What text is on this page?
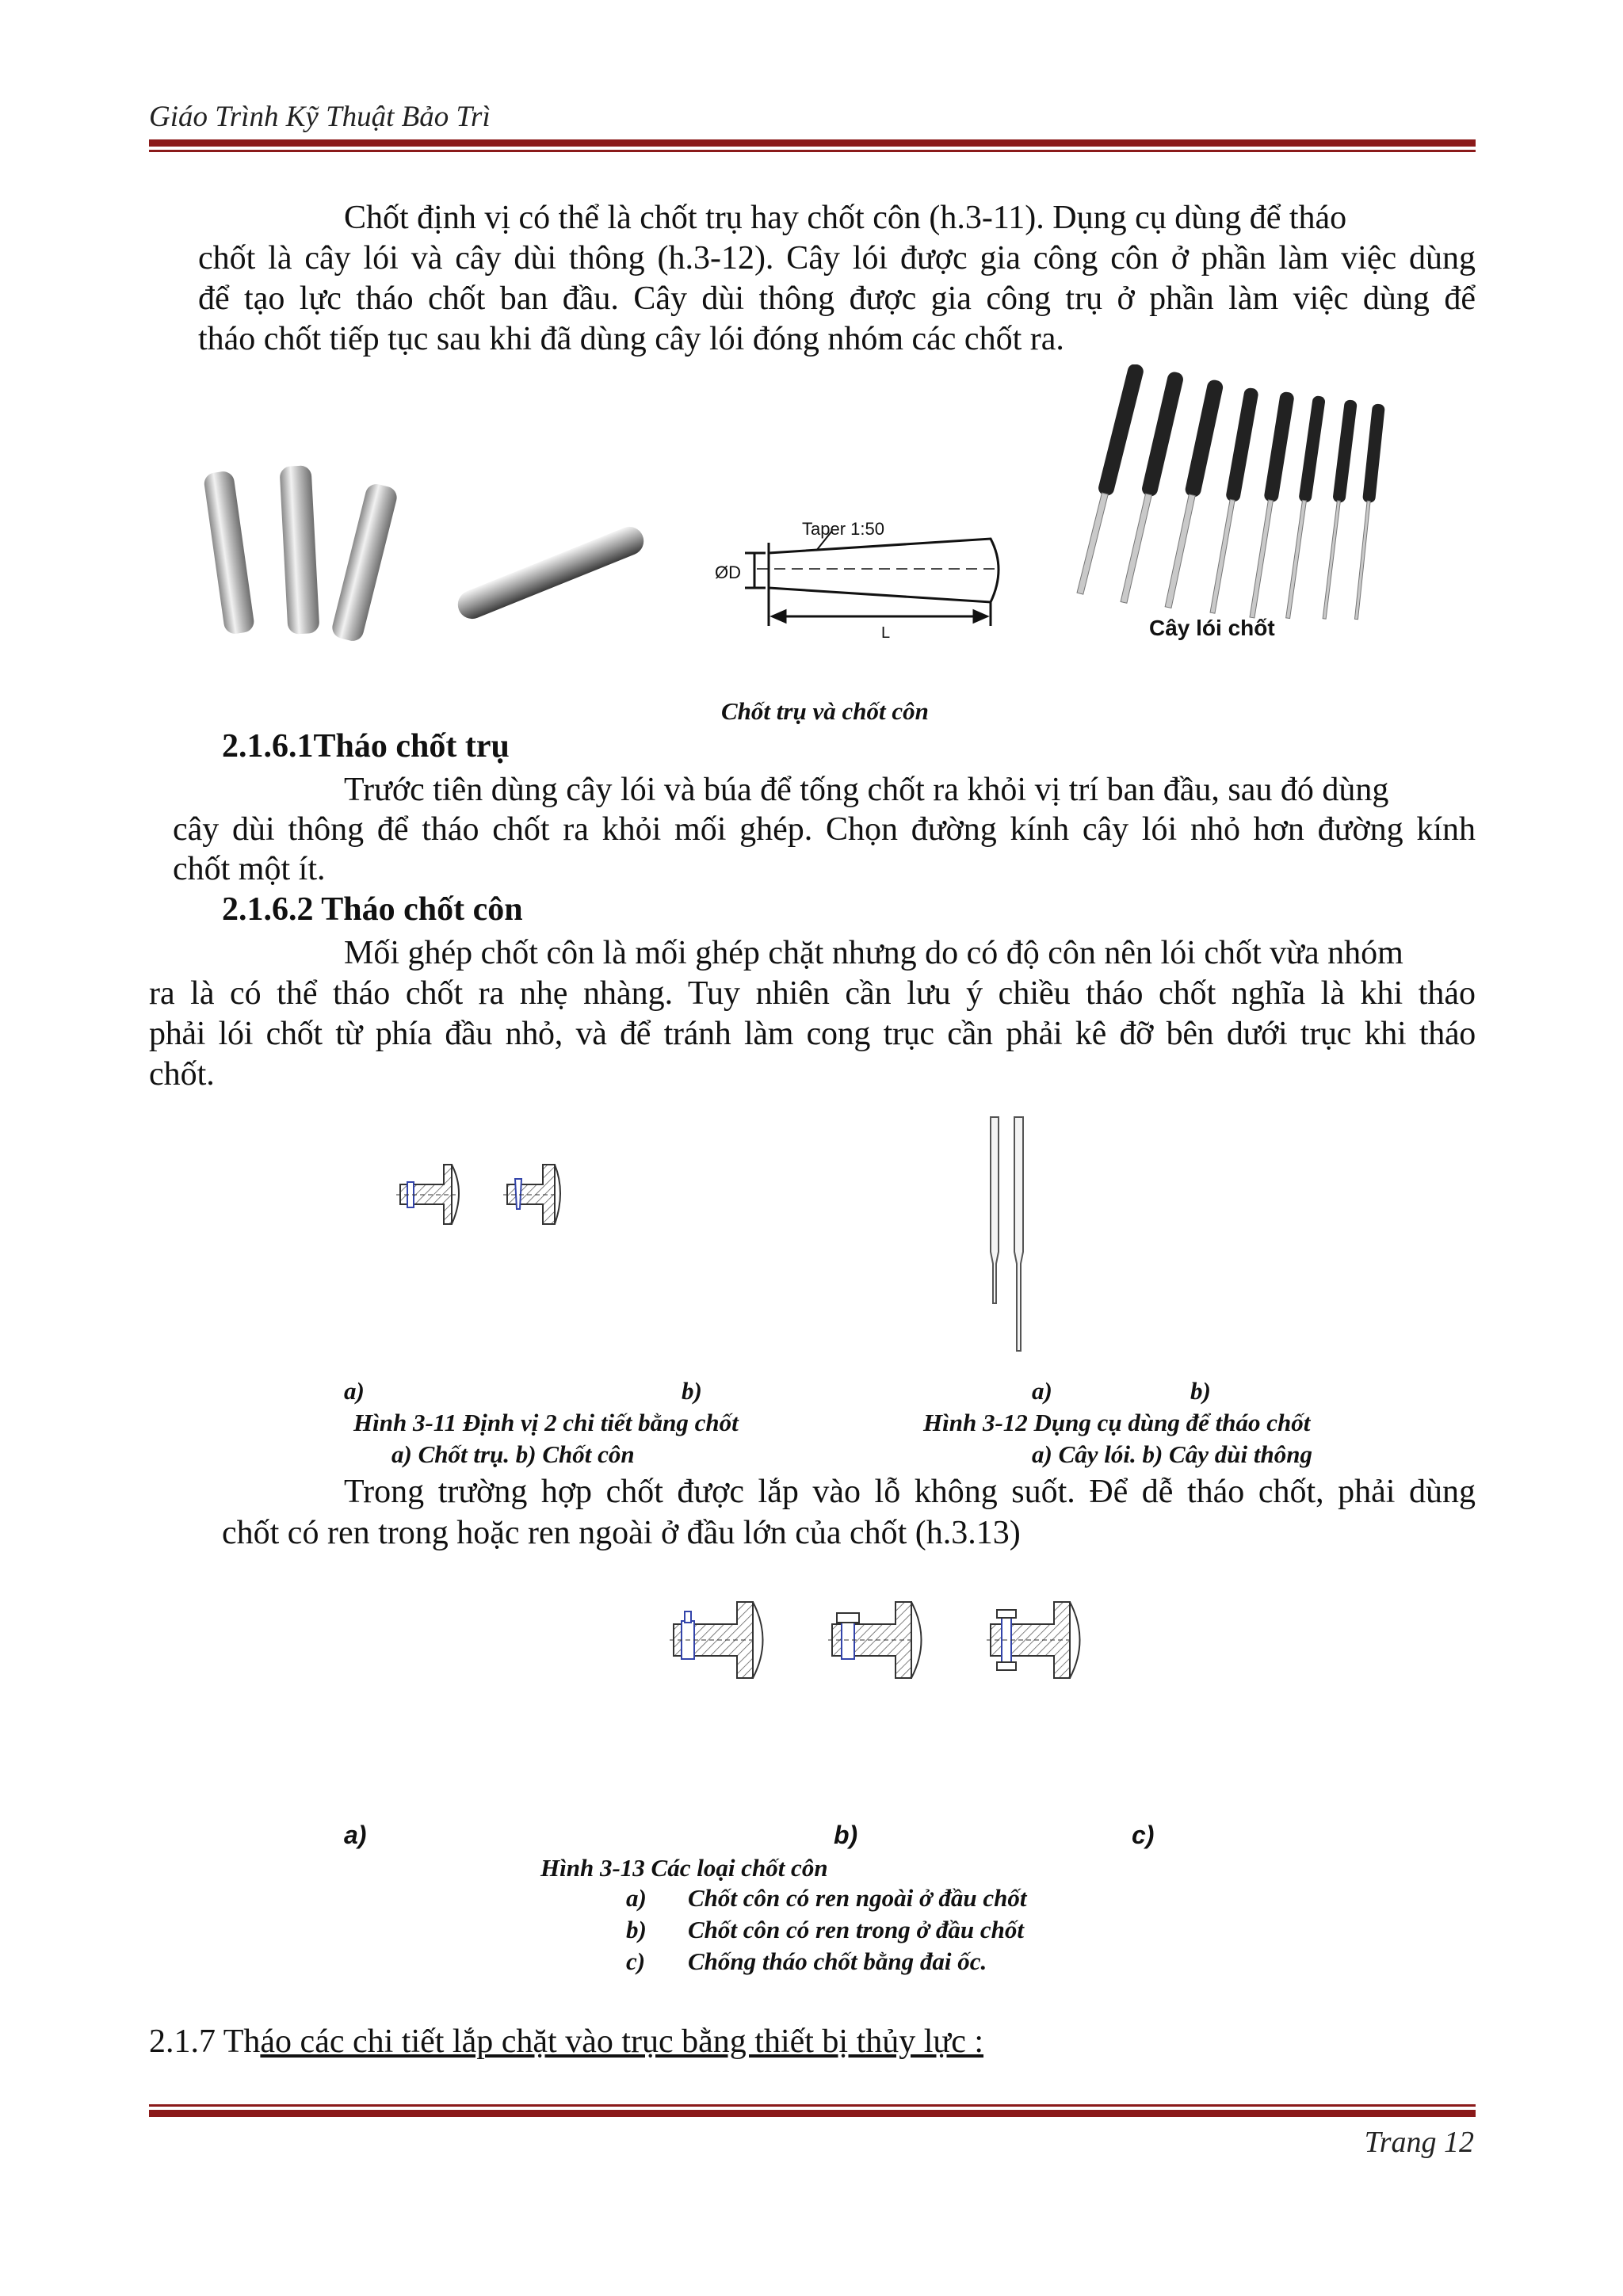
Giáo Trình Kỹ Thuật Bảo Trì
Chốt định vị có thể là chốt trụ hay chốt côn (h.3-11). Dụng cụ dùng để tháo
chốt là cây lói và cây dùi thông (h.3-12). Cây lói được gia công côn ở phần làm việc dùng
để tạo lực tháo chốt ban đầu. Cây dùi thông được gia công trụ ở phần làm việc dùng để
tháo chốt tiếp tục sau khi đã dùng cây lói đóng nhóm các chốt ra.
Taper 1:50
ØD
L	Cây lói chốt
Chốt trụ và chốt côn
2.1.6.1Tháo chốt trụ
Trước tiên dùng cây lói và búa để tống chốt ra khỏi vị trí ban đầu, sau đó dùng
cây dùi thông để tháo chốt ra khỏi mối ghép. Chọn đường kính cây lói nhỏ hơn đường kính
chốt một ít.
2.1.6.2 Tháo chốt côn
Mối ghép chốt côn là mối ghép chặt nhưng do có độ côn nên lói chốt vừa nhóm
ra là có thể tháo chốt ra nhẹ nhàng. Tuy nhiên cần lưu ý chiều tháo chốt nghĩa là khi tháo
phải lói chốt từ phía đầu nhỏ, và để tránh làm cong trục cần phải kê đỡ bên dưới trục khi tháo
chốt.
a)	b)	a)	b)
Hình 3-11 Định vị 2 chi tiết bằng chốt	Hình 3-12 Dụng cụ dùng để tháo chốt
a) Chốt trụ. b) Chốt côn	a) Cây lói. b) Cây dùi thông
Trong trường hợp chốt được lắp vào lỗ không suốt. Để dễ tháo chốt, phải dùng
chốt có ren trong hoặc ren ngoài ở đầu lớn của chốt (h.3.13)
a)	b)	c)
Hình 3-13 Các loại chốt côn
a) Chốt côn có ren ngoài ở đầu chốt
b) Chốt côn có ren trong ở đầu chốt
c) Chống tháo chốt bằng đai ốc.
2.1.7 Tháo các chi tiết lắp chặt vào trục bằng thiết bị thủy lực :
Trang 12
